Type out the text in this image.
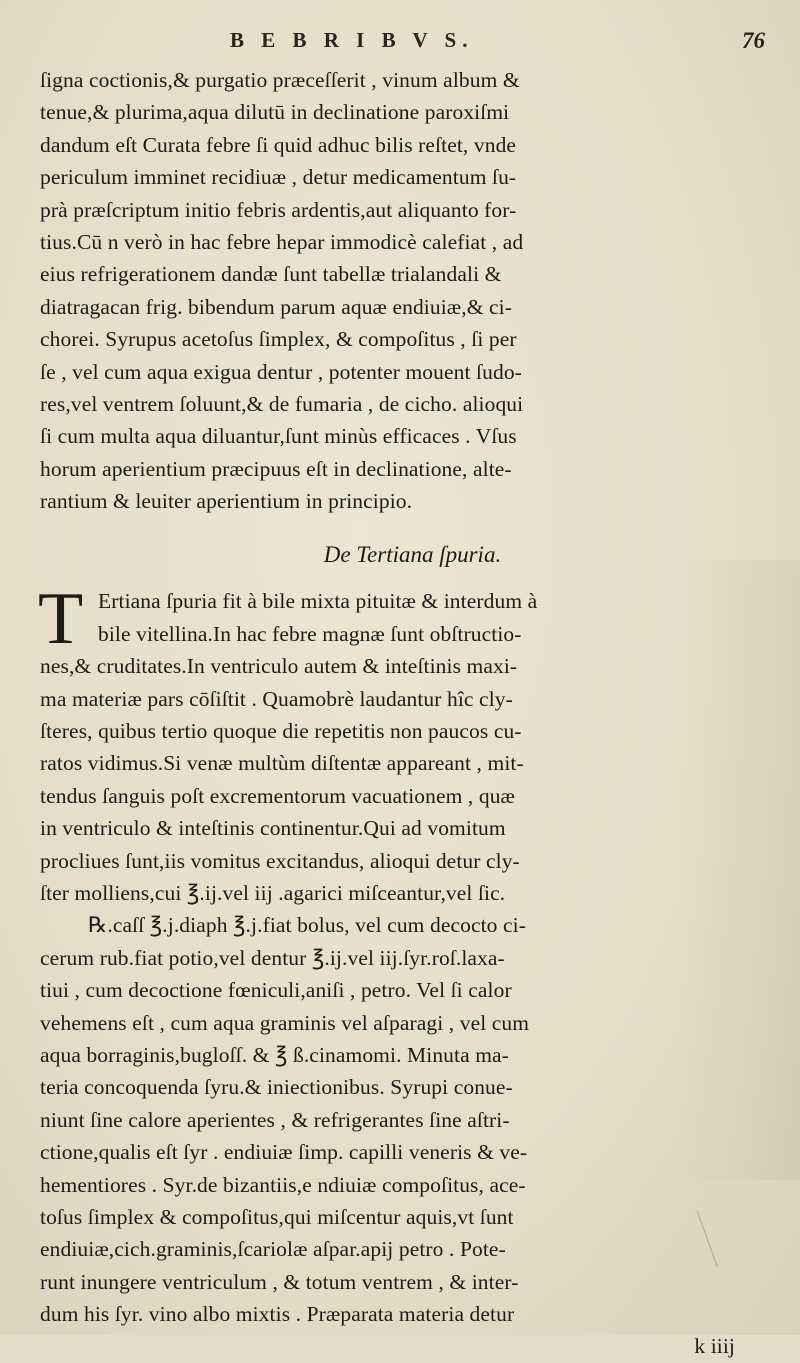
B E B R I B V S.	76
ſigna coctionis,& purgatio præceſſerit , vinum album &
tenue,& plurima,aqua dilutū in declinatione paroxiſmi
dandum eſt Curata febre ſi quid adhuc bilis reſtet, vnde
periculum imminet recidiuæ , detur medicamentum ſu-
prà præſcriptum initio febris ardentis,aut aliquanto for-
tius.Cū n verò in hac febre hepar immodicè calefiat , ad
eius refrigerationem dandæ ſunt tabellæ trialandali &
diatragacan frig. bibendum parum aquæ endiuiæ,& ci-
chorei. Syrupus acetoſus ſimplex, & compoſitus , ſi per
ſe , vel cum aqua exigua dentur , potenter mouent ſudo-
res,vel ventrem ſoluunt,& de fumaria , de cicho. alioqui
ſi cum multa aqua diluantur,ſunt minùs efficaces . Vſus
horum aperientium præcipuus eſt in declinatione, alte-
rantium & leuiter aperientium in principio.
De Tertiana ſpuria.
T Ertiana ſpuria fit à bile mixta pituitæ & interdum à
bile vitellina.In hac febre magnæ ſunt obſtructio-
nes,& cruditates.In ventriculo autem & inteſtinis maxi-
ma materiæ pars cōſiſtit . Quamobrè laudantur hîc cly-
ſteres, quibus tertio quoque die repetitis non paucos cu-
ratos vidimus.Si venæ multùm diſtentæ appareant , mit-
tendus ſanguis poſt excrementorum vacuationem , quæ
in ventriculo & inteſtinis continentur.Qui ad vomitum
procliues ſunt,iis vomitus excitandus, alioqui detur cly-
ſter molliens,cui ℥.ij.vel iij .agarici miſceantur,vel ſic.
℞.caſſ ℥.j.diaph ℥.j.fiat bolus, vel cum decocto ci-
cerum rub.fiat potio,vel dentur ℥.ij.vel iij.ſyr.roſ.laxa-
tiui , cum decoctione fœniculi,aniſi , petro. Vel ſi calor
vehemens eſt , cum aqua graminis vel aſparagi , vel cum
aqua borraginis,bugloſſ. & ℥ ß.cinamomi. Minuta ma-
teria concoquenda ſyru.& iniectionibus. Syrupi conue-
niunt ſine calore aperientes , & refrigerantes ſine aſtri-
ctione,qualis eſt ſyr . endiuiæ ſimp. capilli veneris & ve-
hementiores . Syr.de bizantiis,e ndiuiæ compoſitus, ace-
toſus ſimplex & compoſitus,qui miſcentur aquis,vt ſunt
endiuiæ,cich.graminis,ſcariolæ aſpar.apij petro . Pote-
runt inungere ventriculum , & totum ventrem , & inter-
dum his ſyr. vino albo mixtis . Præparata materia detur
k iiij
